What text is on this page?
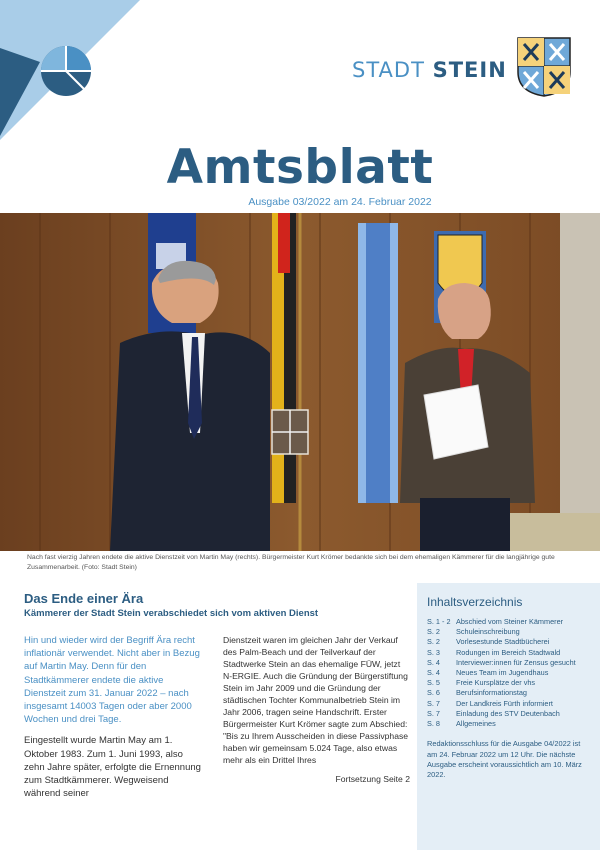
STADT STEIN
Amtsblatt
Ausgabe 03/2022 am 24. Februar 2022
Nach fast vierzig Jahren endete die aktive Dienstzeit von Martin May (rechts). Bürgermeister Kurt Krömer bedankte sich bei dem ehemaligen Kämmerer für die langjährige gute Zusammenarbeit. (Foto: Stadt Stein)
Das Ende einer Ära
Kämmerer der Stadt Stein verabschiedet sich vom aktiven Dienst

Hin und wieder wird der Begriff Ära recht inflationär verwendet. Nicht aber in Bezug auf Martin May. Denn für den Stadtkämmerer endete die aktive Dienstzeit zum 31. Januar 2022 – nach insgesamt 14003 Tagen oder aber 2000 Wochen und drei Tage.

Eingestellt wurde Martin May am 1. Oktober 1983. Zum 1. Juni 1993, also zehn Jahre später, erfolgte die Ernennung zum Stadtkämmerer. Wegweisend während seiner

Dienstzeit waren im gleichen Jahr der Verkauf des Palm-Beach und der Teilverkauf der Stadtwerke Stein an das ehemalige FÜW, jetzt N-ERGIE. Auch die Gründung der Bürgerstiftung Stein im Jahr 2009 und die Gründung der städtischen Tochter Kommunalbetrieb Stein im Jahr 2006, tragen seine Handschrift. Erster Bürgermeister Kurt Krömer sagte zum Abschied: "Bis zu Ihrem Ausscheiden in diese Passivphase haben wir gemeinsam 5.024 Tage, also etwas mehr als ein Drittel Ihres

Fortsetzung Seite 2
Inhaltsverzeichnis
S. 1 - 2 Abschied vom Steiner Kämmerer
S. 2	Schuleinschreibung
S. 2	Vorlesestunde Stadtbücherei
S. 3	Rodungen im Bereich Stadtwald
S. 4	Interviewer:innen für Zensus gesucht
S. 4	Neues Team im Jugendhaus
S. 5	Freie Kursplätze der vhs
S. 6	Berufsinformationstag
S. 7	Der Landkreis Fürth informiert
S. 7	Einladung des STV Deutenbach
S. 8	Allgemeines

Redaktionsschluss für die Ausgabe 04/2022 ist am 24. Februar 2022 um 12 Uhr. Die nächste Ausgabe erscheint voraussichtlich am 10. März 2022.
